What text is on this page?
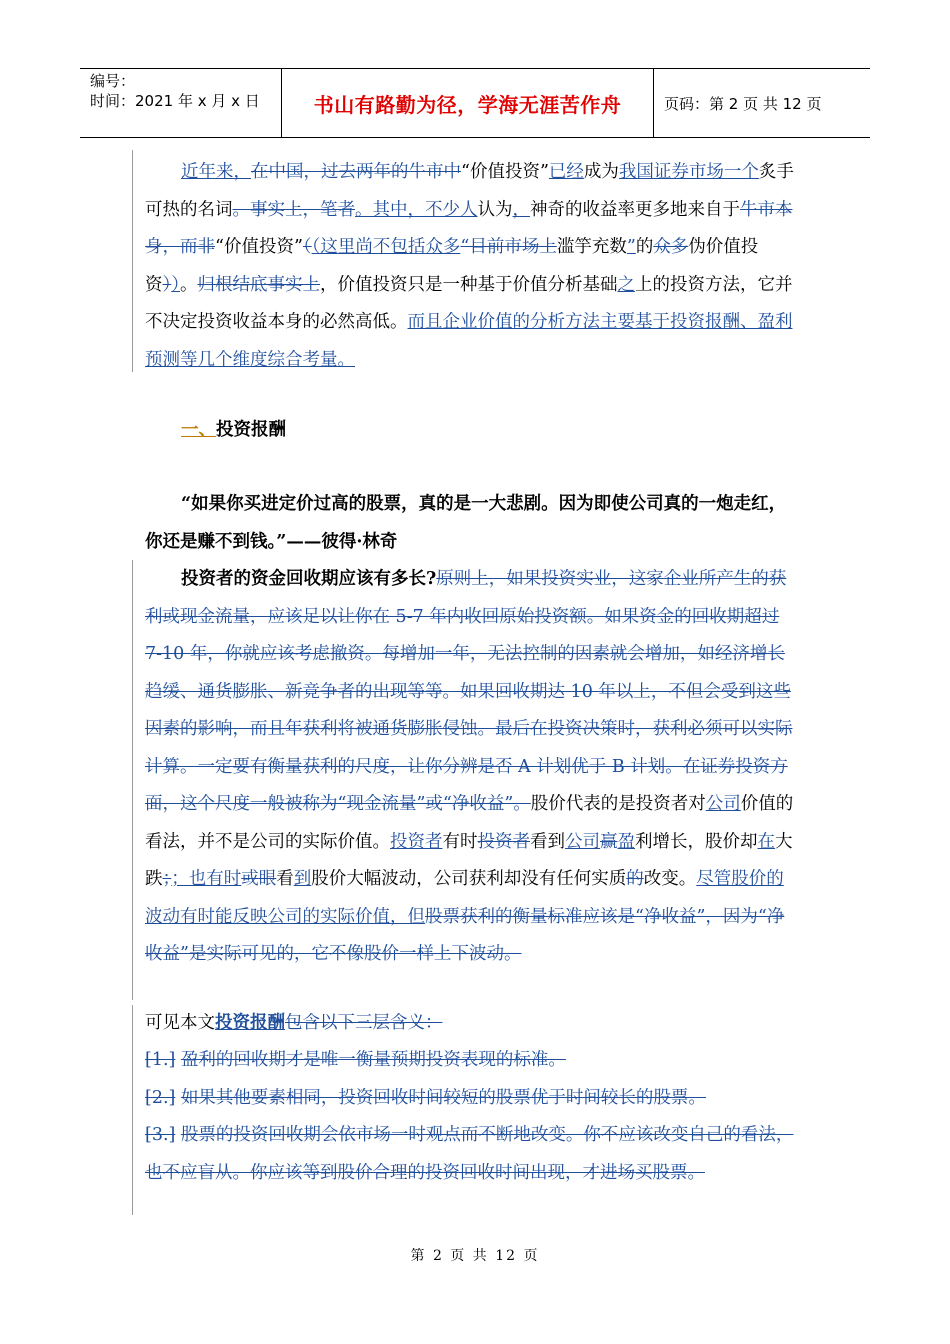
编号：
时间：2021 年 x 月 x 日	书山有路勤为径，学海无涯苦作舟	页码：第 2 页 共 12 页
近年来，在中国，过去两年的牛市中“价值投资”已经成为我国证券市场一个炙手可热的名词。事实上，笔者。其中，不少人认为，神奇的收益率更多地来自于牛市本身，而非“价值投资”（（这里尚不包括众多“目前市场上滥竽充数”的众多伪价值投资））。归根结底事实上，价值投资只是一种基于价值分析基础之上的投资方法，它并不决定投资收益本身的必然高低。而且企业价值的分析方法主要基于投资报酬、盈利预测等几个维度综合考量。
一、投资报酬
“如果你买进定价过高的股票，真的是一大悲剧。因为即使公司真的一炮走红，你还是赚不到钱。”——彼得·林奇
投资者的资金回收期应该有多长?原则上，如果投资实业，这家企业所产生的获利或现金流量，应该足以让你在 5-7 年内收回原始投资额。如果资金的回收期超过 7-10 年，你就应该考虑撤资。每增加一年，无法控制的因素就会增加，如经济增长趋缓、通货膨胀、新竞争者的出现等等。如果回收期达 10 年以上，不但会受到这些因素的影响，而且年获利将被通货膨胀侵蚀。最后在投资决策时，获利必须可以实际计算。一定要有衡量获利的尺度，让你分辨是否 A 计划优于 B 计划。在证券投资方面，这个尺度一般被称为“现金流量”或“净收益”。股价代表的是投资者对公司价值的看法，并不是公司的实际价值。投资者有时投资者看到公司赢盈利增长，股价却在大跌；；也有时或眼看到股价大幅波动，公司获利却没有任何实质的改变。尽管股价的波动有时能反映公司的实际价值，但股票获利的衡量标准应该是“净收益”，因为“净收益”是实际可见的，它不像股价一样上下波动。
可见本文投资报酬包含以下三层含义：
[1.] 盈利的回收期才是唯一衡量预期投资表现的标准。
[2.] 如果其他要素相同，投资回收时间较短的股票优于时间较长的股票。
[3.] 股票的投资回收期会依市场一时观点而不断地改变。你不应该改变自己的看法，也不应盲从。你应该等到股价合理的投资回收时间出现，才进场买股票。
第 2 页 共 12 页
